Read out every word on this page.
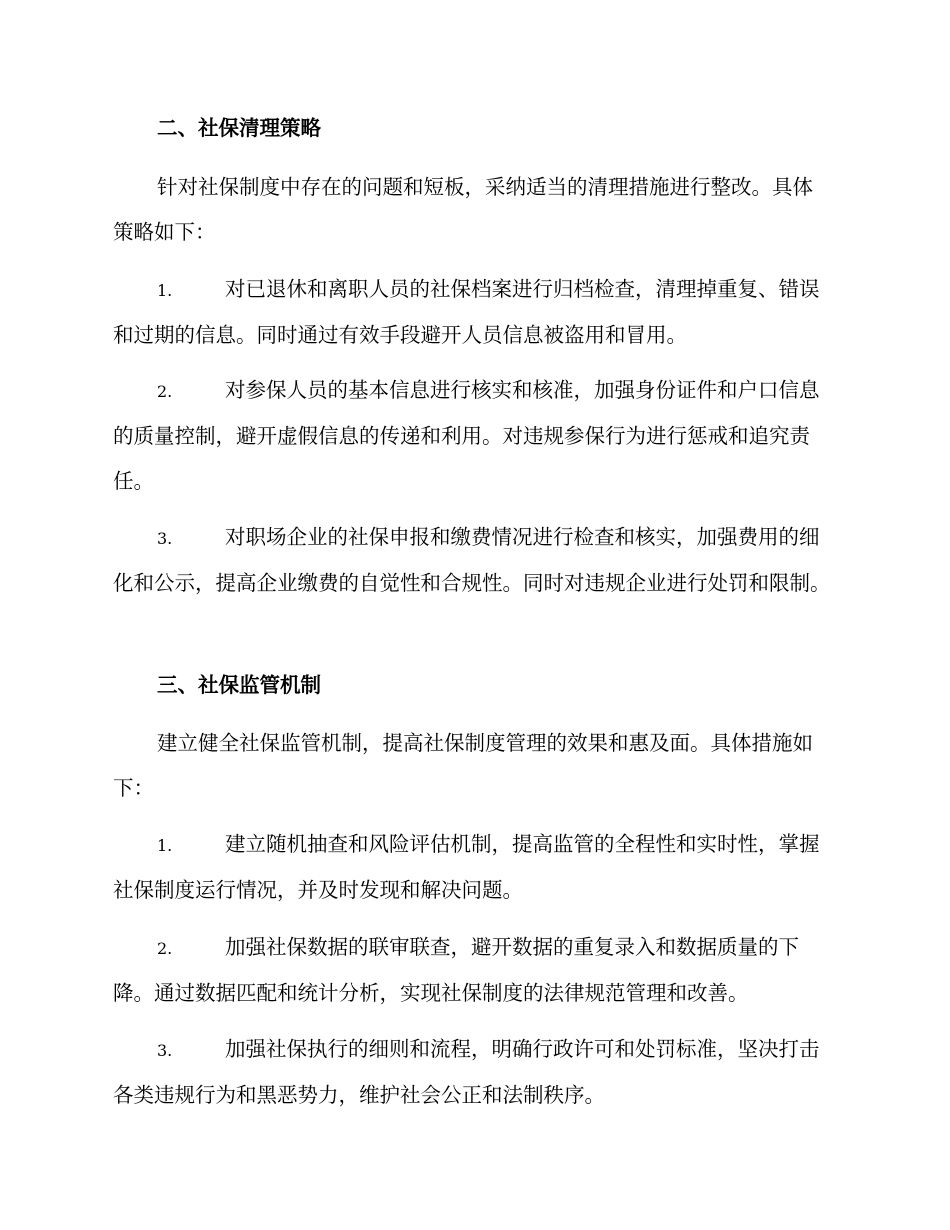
二、社保清理策略

针对社保制度中存在的问题和短板，采纳适当的清理措施进行整改。具体策略如下：

1.	对已退休和离职人员的社保档案进行归档检查，清理掉重复、错误和过期的信息。同时通过有效手段避开人员信息被盗用和冒用。

2.	对参保人员的基本信息进行核实和核准，加强身份证件和户口信息的质量控制，避开虚假信息的传递和利用。对违规参保行为进行惩戒和追究责任。

3.	对职场企业的社保申报和缴费情况进行检查和核实，加强费用的细化和公示，提高企业缴费的自觉性和合规性。同时对违规企业进行处罚和限制。

三、社保监管机制

建立健全社保监管机制，提高社保制度管理的效果和惠及面。具体措施如下：

1.	建立随机抽查和风险评估机制，提高监管的全程性和实时性，掌握社保制度运行情况，并及时发现和解决问题。

2.	加强社保数据的联审联查，避开数据的重复录入和数据质量的下降。通过数据匹配和统计分析，实现社保制度的法律规范管理和改善。

3.	加强社保执行的细则和流程，明确行政许可和处罚标准，坚决打击各类违规行为和黑恶势力，维护社会公正和法制秩序。
